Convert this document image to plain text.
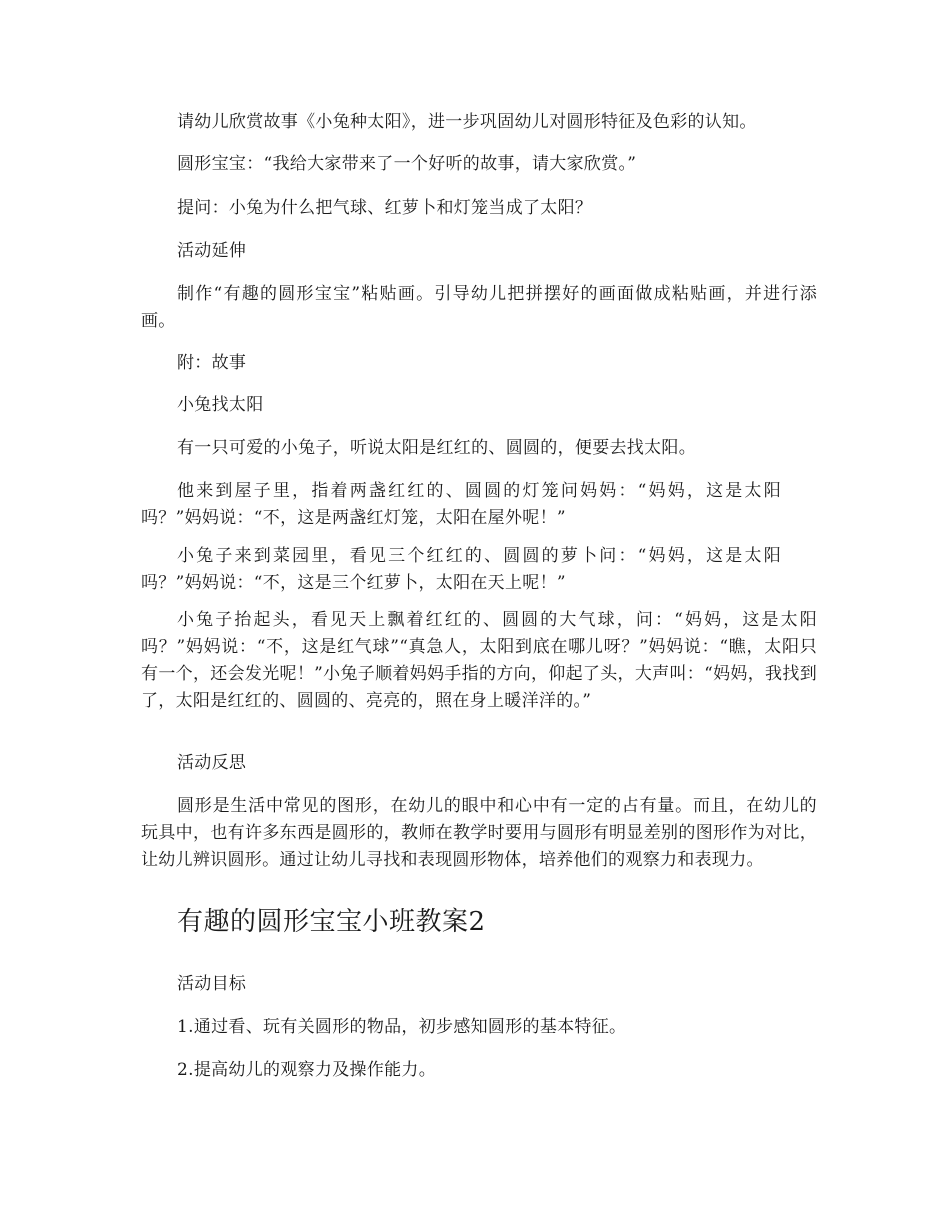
请幼儿欣赏故事《小兔种太阳》，进一步巩固幼儿对圆形特征及色彩的认知。

圆形宝宝：“我给大家带来了一个好听的故事，请大家欣赏。”

提问：小兔为什么把气球、红萝卜和灯笼当成了太阳？

活动延伸

制作“有趣的圆形宝宝”粘贴画。引导幼儿把拼摆好的画面做成粘贴画，并进行添画。

附：故事

小兔找太阳

有一只可爱的小兔子，听说太阳是红红的、圆圆的，便要去找太阳。

他来到屋子里，指着两盏红红的、圆圆的灯笼问妈妈：“妈妈，这是太阳吗？”妈妈说：“不，这是两盏红灯笼，太阳在屋外呢！”

小兔子来到菜园里，看见三个红红的、圆圆的萝卜问：“妈妈，这是太阳吗？”妈妈说：“不，这是三个红萝卜，太阳在天上呢！”

小兔子抬起头，看见天上飘着红红的、圆圆的大气球，问：“妈妈，这是太阳吗？”妈妈说：“不，这是红气球”“真急人，太阳到底在哪儿呀？”妈妈说：“瞧，太阳只有一个，还会发光呢！”小兔子顺着妈妈手指的方向，仰起了头，大声叫：“妈妈，我找到了，太阳是红红的、圆圆的、亮亮的，照在身上暖洋洋的。”

活动反思

圆形是生活中常见的图形，在幼儿的眼中和心中有一定的占有量。而且，在幼儿的玩具中，也有许多东西是圆形的，教师在教学时要用与圆形有明显差别的图形作为对比，让幼儿辨识圆形。通过让幼儿寻找和表现圆形物体，培养他们的观察力和表现力。

有趣的圆形宝宝小班教案2

活动目标

1.通过看、玩有关圆形的物品，初步感知圆形的基本特征。

2.提高幼儿的观察力及操作能力。
